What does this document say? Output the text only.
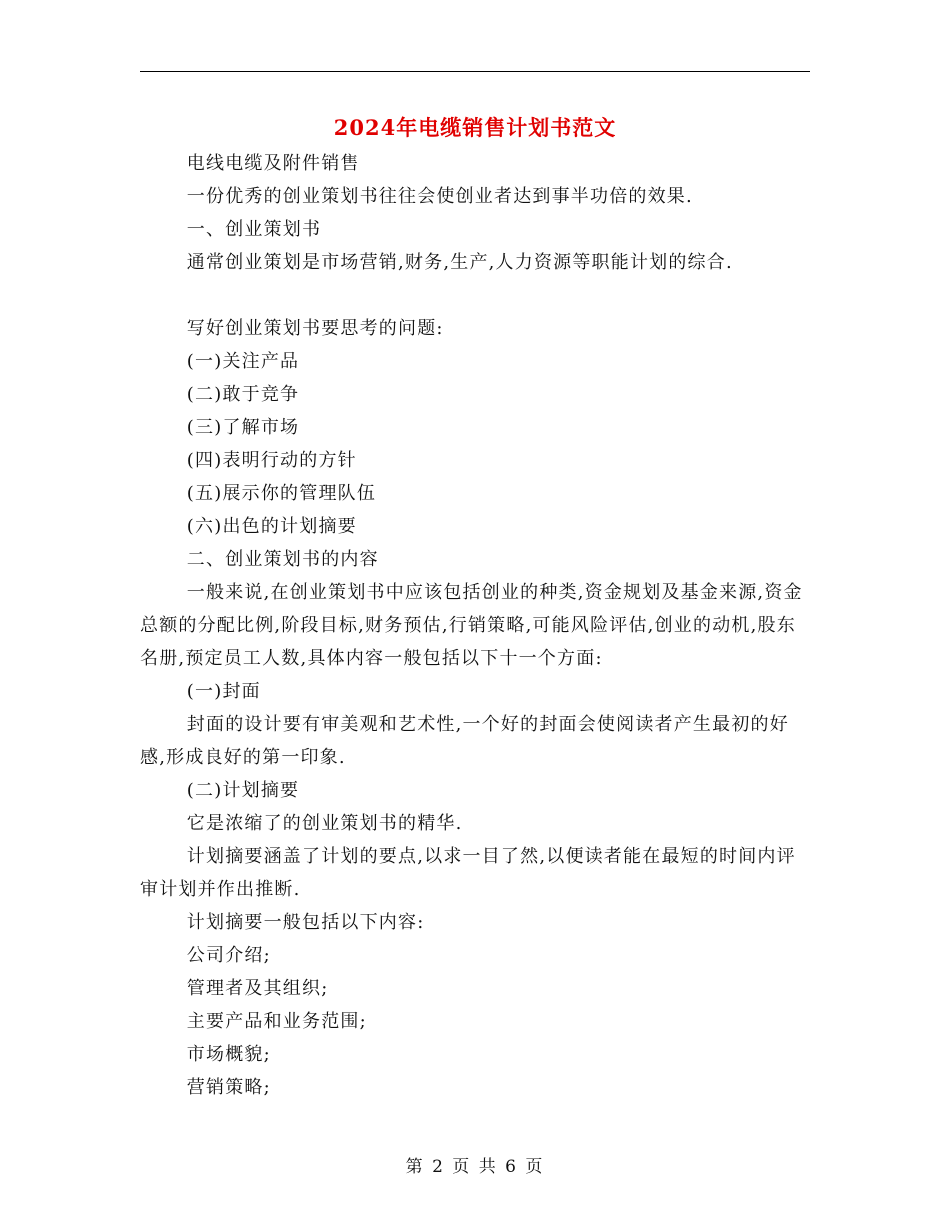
2024年电缆销售计划书范文

电线电缆及附件销售

一份优秀的创业策划书往往会使创业者达到事半功倍的效果.

一、创业策划书

通常创业策划是市场营销,财务,生产,人力资源等职能计划的综合.

写好创业策划书要思考的问题:

(一)关注产品

(二)敢于竞争

(三)了解市场

(四)表明行动的方针

(五)展示你的管理队伍

(六)出色的计划摘要

二、创业策划书的内容

一般来说,在创业策划书中应该包括创业的种类,资金规划及基金来源,资金总额的分配比例,阶段目标,财务预估,行销策略,可能风险评估,创业的动机,股东名册,预定员工人数,具体内容一般包括以下十一个方面:

(一)封面

封面的设计要有审美观和艺术性,一个好的封面会使阅读者产生最初的好感,形成良好的第一印象.

(二)计划摘要

它是浓缩了的创业策划书的精华.

计划摘要涵盖了计划的要点,以求一目了然,以便读者能在最短的时间内评审计划并作出推断.

计划摘要一般包括以下内容:

公司介绍;

管理者及其组织;

主要产品和业务范围;

市场概貌;

营销策略;

第 2 页 共 6 页
